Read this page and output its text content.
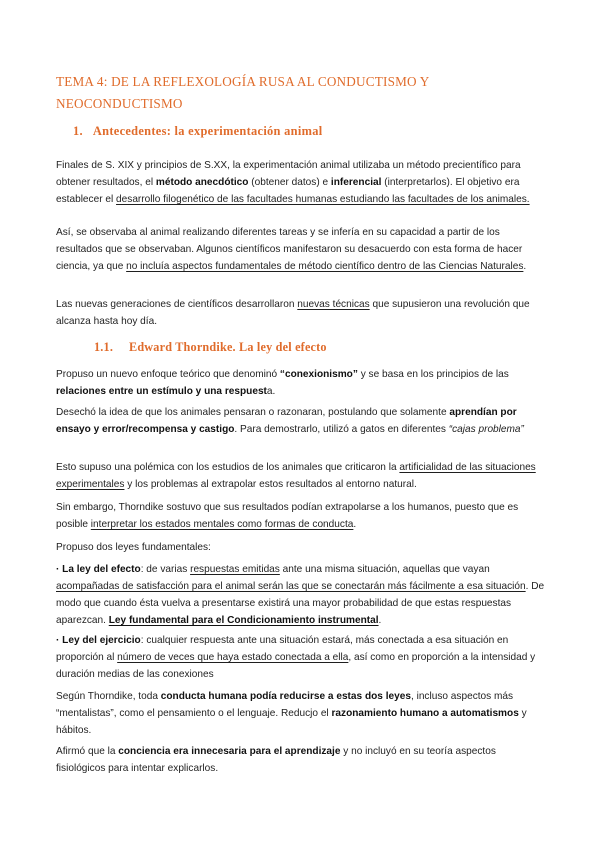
TEMA 4: DE LA REFLEXOLOGÍA RUSA AL CONDUCTISMO Y NEOCONDUCTISMO
1. Antecedentes: la experimentación animal
Finales de S. XIX y principios de S.XX, la experimentación animal utilizaba un método precientífico para obtener resultados, el método anecdótico (obtener datos) e inferencial (interpretarlos). El objetivo era establecer el desarrollo filogenético de las facultades humanas estudiando las facultades de los animales.
Así, se observaba al animal realizando diferentes tareas y se infería en su capacidad a partir de los resultados que se observaban. Algunos científicos manifestaron su desacuerdo con esta forma de hacer ciencia, ya que no incluía aspectos fundamentales de método científico dentro de las Ciencias Naturales.
Las nuevas generaciones de científicos desarrollaron nuevas técnicas que supusieron una revolución que alcanza hasta hoy día.
1.1. Edward Thorndike. La ley del efecto
Propuso un nuevo enfoque teórico que denominó “conexionismo” y se basa en los principios de las relaciones entre un estímulo y una respuesta.
Desechó la idea de que los animales pensaran o razonaran, postulando que solamente aprendían por ensayo y error/recompensa y castigo. Para demostrarlo, utilizó a gatos en diferentes “cajas problema”
Esto supuso una polémica con los estudios de los animales que criticaron la artificialidad de las situaciones experimentales y los problemas al extrapolar estos resultados al entorno natural.
Sin embargo, Thorndike sostuvo que sus resultados podían extrapolarse a los humanos, puesto que es posible interpretar los estados mentales como formas de conducta.
Propuso dos leyes fundamentales:
· La ley del efecto: de varias respuestas emitidas ante una misma situación, aquellas que vayan acompañadas de satisfacción para el animal serán las que se conectarán más fácilmente a esa situación. De modo que cuando ésta vuelva a presentarse existirá una mayor probabilidad de que estas respuestas aparezcan. Ley fundamental para el Condicionamiento instrumental.
· Ley del ejercicio: cualquier respuesta ante una situación estará, más conectada a esa situación en proporción al número de veces que haya estado conectada a ella, así como en proporción a la intensidad y duración medias de las conexiones
Según Thorndike, toda conducta humana podía reducirse a estas dos leyes, incluso aspectos más “mentalistas”, como el pensamiento o el lenguaje. Reducjo el razonamiento humano a automatismos y hábitos.
Afirmó que la conciencia era innecesaria para el aprendizaje y no incluyó en su teoría aspectos fisiológicos para intentar explicarlos.
